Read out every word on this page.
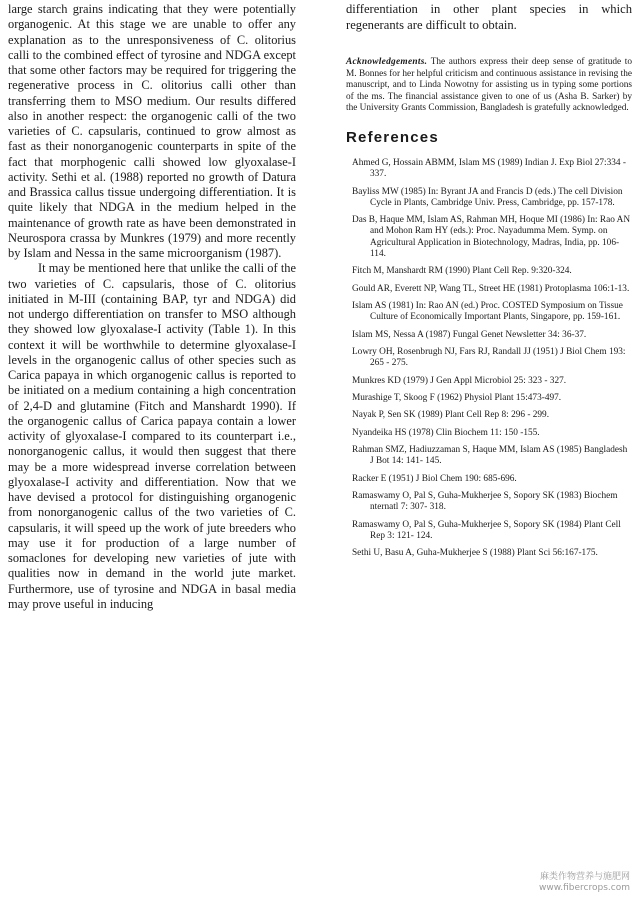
large starch grains indicating that they were potentially organogenic. At this stage we are unable to offer any explanation as to the unresponsiveness of C. olitorius calli to the combined effect of tyrosine and NDGA except that some other factors may be required for triggering the regenerative process in C. olitorius calli other than transferring them to MSO medium. Our results differed also in another respect: the organogenic calli of the two varieties of C. capsularis, continued to grow almost as fast as their nonorganogenic counterparts in spite of the fact that morphogenic calli showed low glyoxalase-I activity. Sethi et al. (1988) reported no growth of Datura and Brassica callus tissue undergoing differentiation. It is quite likely that NDGA in the medium helped in the maintenance of growth rate as have been demonstrated in Neurospora crassa by Munkres (1979) and more recently by Islam and Nessa in the same microorganism (1987).

It may be mentioned here that unlike the calli of the two varieties of C. capsularis, those of C. olitorius initiated in M-III (containing BAP, tyr and NDGA) did not undergo differentiation on transfer to MSO although they showed low glyoxalase-I activity (Table 1). In this context it will be worthwhile to determine glyoxalase-I levels in the organogenic callus of other species such as Carica papaya in which organogenic callus is reported to be initiated on a medium containing a high concentration of 2,4-D and glutamine (Fitch and Manshardt 1990). If the organogenic callus of Carica papaya contain a lower activity of glyoxalase-I compared to its counterpart i.e., nonorganogenic callus, it would then suggest that there may be a more widespread inverse correlation between glyoxalase-I activity and differentiation. Now that we have devised a protocol for distinguishing organogenic from nonorganogenic callus of the two varieties of C. capsularis, it will speed up the work of jute breeders who may use it for production of a large number of somaclones for developing new varieties of jute with qualities now in demand in the world jute market. Furthermore, use of tyrosine and NDGA in basal media may prove useful in inducing

differentiation in other plant species in which regenerants are difficult to obtain.

Acknowledgements. The authors express their deep sense of gratitude to M. Bonnes for her helpful criticism and continuous assistance in revising the manuscript, and to Linda Nowotny for assisting us in typing some portions of the ms. The financial assistance given to one of us (Asha B. Sarker) by the University Grants Commission, Bangladesh is gratefully acknowledged.

References
Ahmed G, Hossain ABMM, Islam MS (1989) Indian J. Exp Biol 27:334 - 337.
Bayliss MW (1985) In: Byrant JA and Francis D (eds.) The cell Division Cycle in Plants, Cambridge Univ. Press, Cambridge, pp. 157-178.
Das B, Haque MM, Islam AS, Rahman MH, Hoque MI (1986) In: Rao AN and Mohon Ram HY (eds.): Proc. Nayadumma Mem. Symp. on Agricultural Application in Biotechnology, Madras, India, pp. 106-114.
Fitch M, Manshardt RM (1990) Plant Cell Rep. 9:320-324.
Gould AR, Everett NP, Wang TL, Street HE (1981) Protoplasma 106:1-13.
Islam AS (1981) In: Rao AN (ed.) Proc. COSTED Symposium on Tissue Culture of Economically Important Plants, Singapore, pp. 159-161.
Islam MS, Nessa A (1987) Fungal Genet Newsletter 34: 36-37.
Lowry OH, Rosenbrugh NJ, Fars RJ, Randall JJ (1951) J Biol Chem 193: 265 - 275.
Munkres KD (1979) J Gen Appl Microbiol 25: 323 - 327.
Murashige T, Skoog F (1962) Physiol Plant 15:473-497.
Nayak P, Sen SK (1989) Plant Cell Rep 8: 296 - 299.
Nyandeika HS (1978) Clin Biochem 11: 150 -155.
Rahman SMZ, Hadiuzzaman S, Haque MM, Islam AS (1985) Bangladesh J Bot 14: 141- 145.
Racker E (1951) J Biol Chem 190: 685-696.
Ramaswamy O, Pal S, Guha-Mukherjee S, Sopory SK (1983) Biochem nternatl 7: 307- 318.
Ramaswamy O, Pal S, Guha-Mukherjee S, Sopory SK (1984) Plant Cell Rep 3: 121- 124.
Sethi U, Basu A, Guha-Mukherjee S (1988) Plant Sci 56:167-175.
麻类作物营养与施肥网
www.fibercrops.com
